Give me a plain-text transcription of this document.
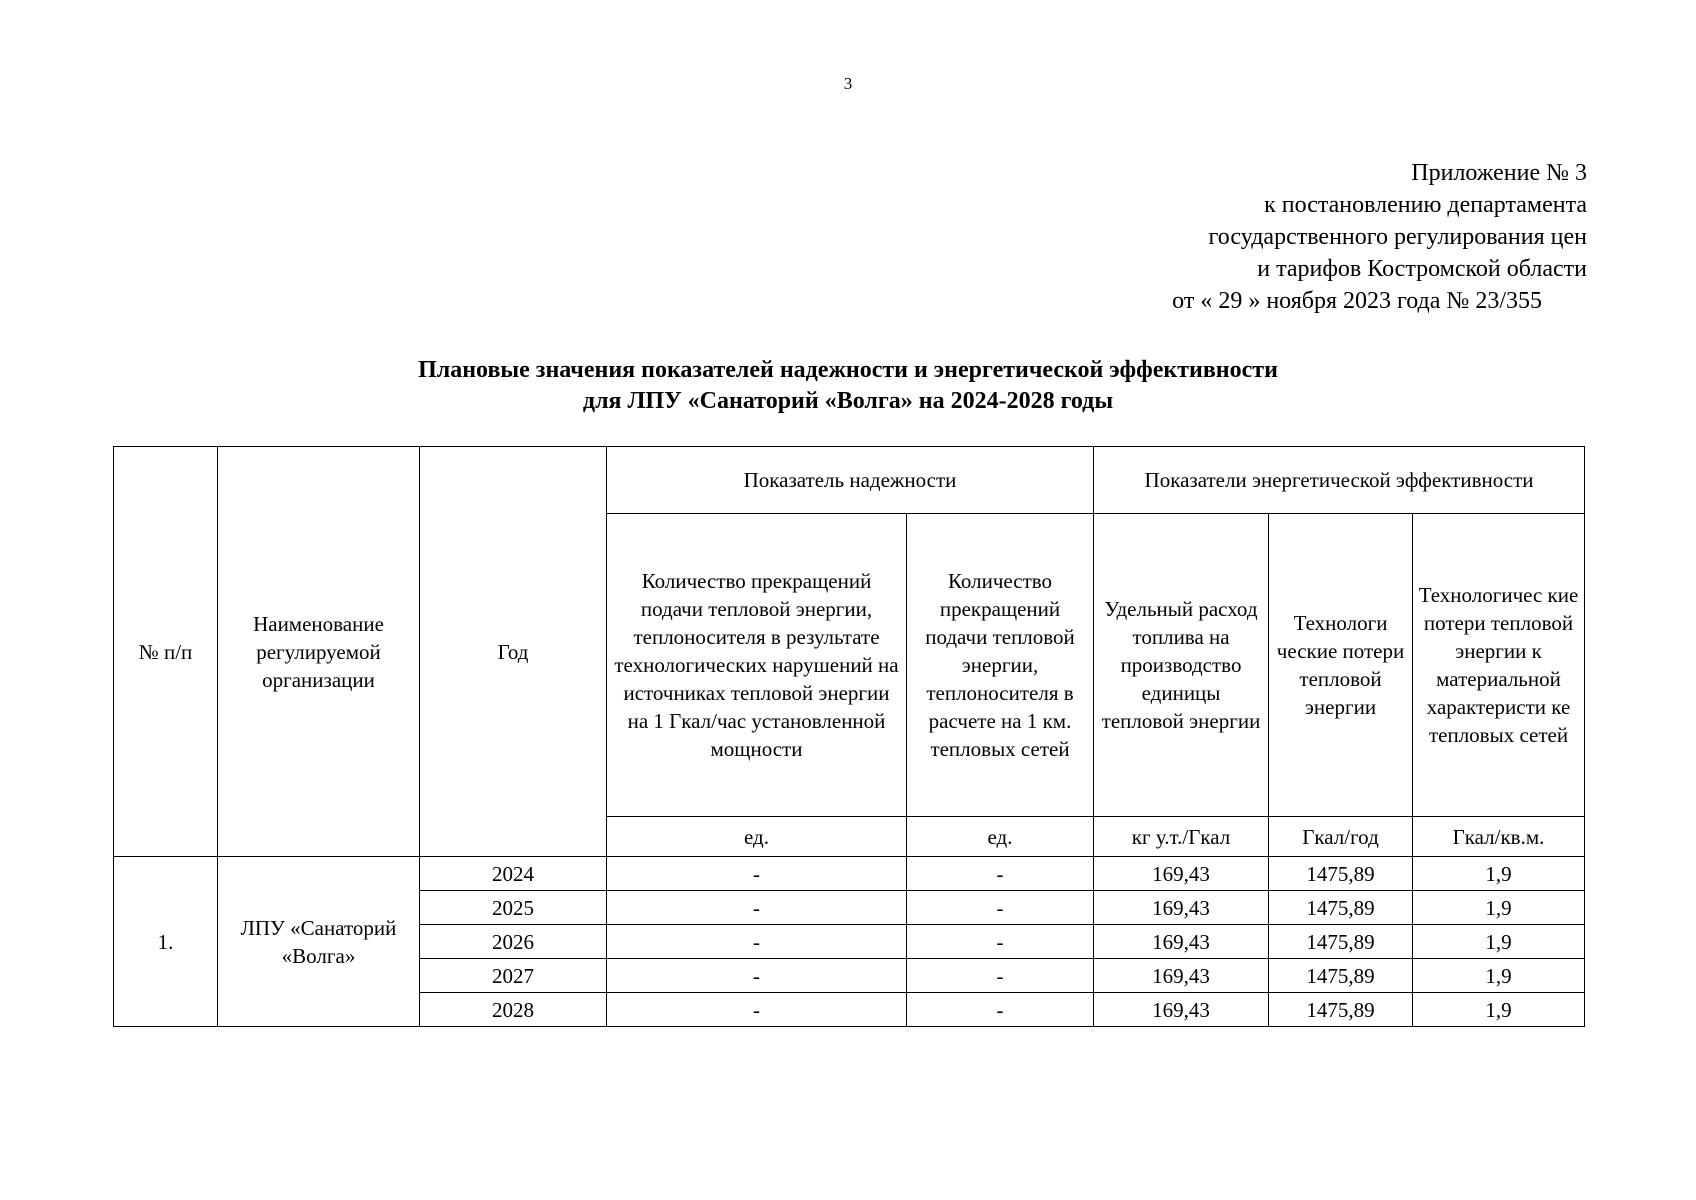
3
Приложение № 3
к постановлению департамента
государственного регулирования цен
и тарифов Костромской области
от « 29 » ноября 2023 года № 23/355
Плановые значения показателей надежности и энергетической эффективности
для ЛПУ «Санаторий «Волга» на 2024-2028 годы
№ п/п	Наименование регулируемой организации	Год	Показатель надежности		Показатели энергетической эффективности		
			Количество прекращений подачи тепловой энергии, теплоносителя в результате технологических нарушений на источниках тепловой энергии на 1 Гкал/час установленной мощности	Количество прекращений подачи тепловой энергии, теплоносителя в расчете на 1 км. тепловых сетей	Удельный расход топлива на производство единицы тепловой энергии	Технологи ческие потери тепловой энергии	Технологичес кие потери тепловой энергии к материальной характеристи ке тепловых сетей
			ед.	ед.	кг у.т./Гкал	Гкал/год	Гкал/кв.м.
1.	ЛПУ «Санаторий «Волга»	2024	-	-	169,43	1475,89	1,9
		2025	-	-	169,43	1475,89	1,9
		2026	-	-	169,43	1475,89	1,9
		2027	-	-	169,43	1475,89	1,9
		2028	-	-	169,43	1475,89	1,9
